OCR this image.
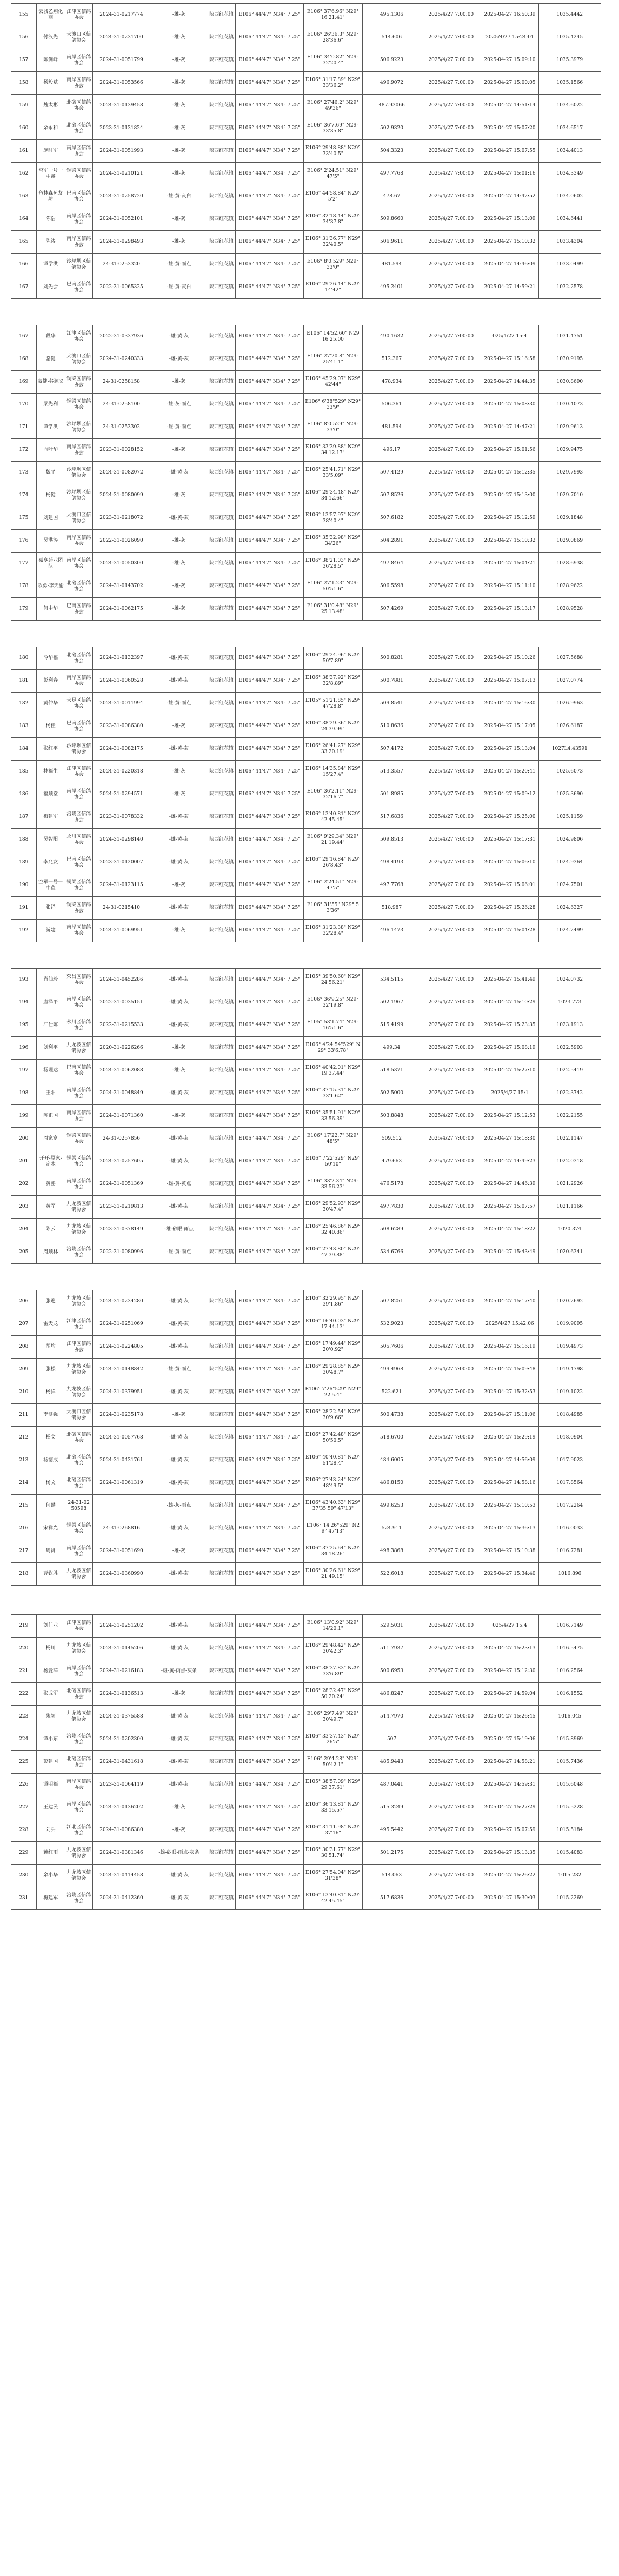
155	云城乙翔化羽	江津区信鸽协会	2024-31-0217774	-雄-灰	陕西红花镇	E106° 44'47" N34° 7'25"	E106° 37'6.96" N29° 16'21.41"	495.1306	2025/4/27 7:00:00	2025-04-27 16:50:39	1035.4442
156	付汉先	大渡口区信鸽协会	2024-31-0231700	-雄-灰	陕西红花镇	E106° 44'47" N34° 7'25"	E106° 26'36.3" N29° 28'36.6"	514.606	2025/4/27 7:00:00	2025/4/27 15:24:01	1035.4245
157	陈剑峰	南岸区信鸽协会	2024-31-0051799	-雄-灰	陕西红花镇	E106° 44'47" N34° 7'25"	E106° 34'0.82" N29° 32'20.4"	506.9223	2025/4/27 7:00:00	2025-04-27 15:09:10	1035.3979
158	杨毅斌	南岸区信鸽协会	2024-31-0053566	-雄-灰	陕西红花镇	E106° 44'47" N34° 7'25"	E106° 31'17.89" N29° 33'36.2"	496.9072	2025/4/27 7:00:00	2025-04-27 15:00:05	1035.1566
159	魏太彬	北碚区信鸽协会	2024-31-0139458	-雄-灰	陕西红花镇	E106° 44'47" N34° 7'25"	E106° 27'46.2" N29° 49'36"	487.93066	2025/4/27 7:00:00	2025-04-27 14:51:14	1034.6022
160	余永和	北碚区信鸽协会	2023-31-0131824	-雄-灰	陕西红花镇	E106° 44'47" N34° 7'25"	E106° 36'7.69" N29° 33'35.8"	502.9320	2025/4/27 7:00:00	2025-04-27 15:07:20	1034.6517
161	施时军	南岸区信鸽协会	2024-31-0051993	-雄-灰	陕西红花镇	E106° 44'47" N34° 7'25"	E106° 29'48.88" N29° 33'40.5"	504.3323	2025/4/27 7:00:00	2025-04-27 15:07:55	1034.4013
162	空军一号一中鑫	铜梁区信鸽协会	2024-31-0210121	-雄-灰	陕西红花镇	E106° 44'47" N34° 7'25"	E106° 2'24.51" N29° 47'5"	497.7768	2025/4/27 7:00:00	2025-04-27 15:01:16	1034.3349
163	鱼林森鱼友坊	巴南区信鸽协会	2024-31-0258720	-雄-黄-灰白	陕西红花镇	E106° 44'47" N34° 7'25"	E106° 44'58.84" N29° 5'2"	478.67	2025/4/27 7:00:00	2025-04-27 14:42:52	1034.0602
164	陈浩	南岸区信鸽协会	2024-31-0052101	-雄-灰	陕西红花镇	E106° 44'47" N34° 7'25"	E106° 32'18.44" N29° 34'37.8"	509.8660	2025/4/27 7:00:00	2025-04-27 15:13:09	1034.6441
165	陈涛	南岸区信鸽协会	2024-31-0298493	-雄-灰	陕西红花镇	E106° 44'47" N34° 7'25"	E106° 31'36.77" N29° 32'40.5"	506.9611	2025/4/27 7:00:00	2025-04-27 15:10:32	1033.4304
166	谭学洪	沙坪坝区信鸽协会	24-31-0253320	-雄-黄-雨点	陕西红花镇	E106° 44'47" N34° 7'25"	E106° 8'0.529" N29° 33'0"	481.594	2025/4/27 7:00:00	2025-04-27 14:46:09	1033.0499
167	刘先会	巴南区信鸽协会	2022-31-0065325	-雄-黄-灰白	陕西红花镇	E106° 44'47" N34° 7'25"	E106° 29'26.44" N29° 14'42"	495.2401	2025/4/27 7:00:00	2025-04-27 14:59:21	1032.2578
167	段华	江津区信鸽协会	2022-31-0337936	-雄-黄-灰	陕西红花镇	E106° 44'47" N34° 7'25"	E106° 14'52.60" N29 16 25.00	490.1632	2025/4/27 7:00:00	025/4/27 15:4	1031.4751
168	骆健	大渡口区信鸽协会	2024-31-0240333	-雄-黄-灰	陕西红花镇	E106° 44'47" N34° 7'25"	E106° 27'20.8" N29° 25'41.1"	512.367	2025/4/27 7:00:00	2025-04-27 15:16:58	1030.9195
169	蒙健-谷源义	铜梁区信鸽协会	24-31-0258158	-雄-灰	陕西红花镇	E106° 44'47" N34° 7'25"	E106° 45'29.07" N29° 42'44"	478.934	2025/4/27 7:00:00	2025-04-27 14:44:35	1030.8690
170	梁先利	铜梁区信鸽协会	24-31-0258100	-雄-灰-雨点	陕西红花镇	E106° 44'47" N34° 7'25"	E106° 6'38"529" N29° 33'9"	506.361	2025/4/27 7:00:00	2025-04-27 15:08:30	1030.4073
171	谭学洪	沙坪坝区信鸽协会	24-31-0253302	-雄-黄-雨点	陕西红花镇	E106° 44'47" N34° 7'25"	E106° 8'0.529" N29° 33'0"	481.594	2025/4/27 7:00:00	2025-04-27 14:47:21	1029.9613
172	向叶华	南岸区信鸽协会	2023-31-0028152	-雄-灰	陕西红花镇	E106° 44'47" N34° 7'25"	E106° 33'39.88" N29° 34'12.17"	496.17	2025/4/27 7:00:00	2025-04-27 15:01:56	1029.9475
173	魏平	沙坪坝区信鸽协会	2024-31-0082072	-雄-黄-灰	陕西红花镇	E106° 44'47" N34° 7'25"	E106° 25'41.71" N29° 33'5.09"	507.4129	2025/4/27 7:00:00	2025-04-27 15:12:35	1029.7993
174	杨健	沙坪坝区信鸽协会	2024-31-0080099	-雄-灰	陕西红花镇	E106° 44'47" N34° 7'25"	E106° 29'34.48" N29° 34'12.66"	507.8526	2025/4/27 7:00:00	2025-04-27 15:13:00	1029.7010
175	刘建国	大渡口区信鸽协会	2023-31-0218072	-雄-黄-灰	陕西红花镇	E106° 44'47" N34° 7'25"	E106° 13'57.97" N29° 38'40.4"	507.6182	2025/4/27 7:00:00	2025-04-27 15:12:59	1029.1848
176	吴洪涛	南岸区信鸽协会	2022-31-0026090	-雄-灰	陕西红花镇	E106° 44'47" N34° 7'25"	E106° 35'32.98" N29° 34'26"	504.2891	2025/4/27 7:00:00	2025-04-27 15:10:32	1029.0869
177	嘉亨药业团队	南岸区信鸽协会	2024-31-0050300	-雄-灰	陕西红花镇	E106° 44'47" N34° 7'25"	E106° 38'21.03" N29° 36'28.5"	497.8464	2025/4/27 7:00:00	2025-04-27 15:04:21	1028.6938
178	欧勇-李天渝	北碚区信鸽协会	2024-31-0143702	-雄-灰	陕西红花镇	E106° 44'47" N34° 7'25"	E106° 27'1.23" N29° 50'51.6"	506.5598	2025/4/27 7:00:00	2025-04-27 15:11:10	1028.9622
179	何中华	巴南区信鸽协会	2024-31-0062175	-雄-灰	陕西红花镇	E106° 44'47" N34° 7'25"	E106° 31'0.48" N29° 25'13.48"	507.4269	2025/4/27 7:00:00	2025-04-27 15:13:17	1028.9528
180	冷华福	北碚区信鸽协会	2024-31-0132397	-雄-黄-灰	陕西红花镇	E106° 44'47" N34° 7'25"	E106° 29'24.96" N29° 50'7.89"	500.8281	2025/4/27 7:00:00	2025-04-27 15:10:26	1027.5688
181	彭利春	南岸区信鸽协会	2024-31-0060528	-雄-黄-灰	陕西红花镇	E106° 44'47" N34° 7'25"	E106° 38'37.92" N29° 32'8.89"	500.7881	2025/4/27 7:00:00	2025-04-27 15:07:13	1027.0774
182	黄仲华	大足区信鸽协会	2024-31-0011994	-雄-黄-雨点	陕西红花镇	E106° 44'47" N34° 7'25"	E105° 51'21.85" N29° 47'28.8"	509.8541	2025/4/27 7:00:00	2025-04-27 15:16:30	1026.9963
183	杨佳	巴南区信鸽协会	2023-31-0086380	-雄-灰	陕西红花镇	E106° 44'47" N34° 7'25"	E106° 38'29.36" N29° 24'39.99"	510.8636	2025/4/27 7:00:00	2025-04-27 15:17:05	1026.6187
184	张红平	沙坪坝区信鸽协会	2024-31-0082175	-雄-黄-灰	陕西红花镇	E106° 44'47" N34° 7'25"	E106° 26'41.27" N29° 33'20.19"	507.4172	2025/4/27 7:00:00	2025-04-27 15:13:04	1027L4.43591
185	林福生	江津区信鸽协会	2024-31-0220318	-雄-灰	陕西红花镇	E106° 44'47" N34° 7'25"	E106° 14'35.84" N29° 15'27.4"	513.3557	2025/4/27 7:00:00	2025-04-27 15:20:41	1025.6073
186	福顺堂	南岸区信鸽协会	2024-31-0294571	-雄-灰	陕西红花镇	E106° 44'47" N34° 7'25"	E106° 36'2.11" N29° 32'16.7"	501.8985	2025/4/27 7:00:00	2025-04-27 15:09:12	1025.3690
187	梅建军	涪陵区信鸽协会	2023-31-0078332	-雄-黄-灰	陕西红花镇	E106° 44'47" N34° 7'25"	E106° 13'40.81" N29° 42'45.45"	517.6836	2025/4/27 7:00:00	2025-04-27 15:25:00	1025.1159
188	吴智阳	永川区信鸽协会	2024-31-0298140	-雄-黄-灰	陕西红花镇	E106° 44'47" N34° 7'25"	E106° 9'29.34" N29° 21'19.44"	509.8513	2025/4/27 7:00:00	2025-04-27 15:17:31	1024.9806
189	李兆友	巴南区信鸽协会	2023-31-0120007	-雄-黄-灰	陕西红花镇	E106° 44'47" N34° 7'25"	E106° 29'16.84" N29° 26'8.43"	498.4193	2025/4/27 7:00:00	2025-04-27 15:06:10	1024.9364
190	空军一号一中鑫	铜梁区信鸽协会	2024-31-0123115	-雄-灰	陕西红花镇	E106° 44'47" N34° 7'25"	E106° 2'24.51" N29° 47'5"	497.7768	2025/4/27 7:00:00	2025-04-27 15:06:01	1024.7501
191	张祥	铜梁区信鸽协会	24-31-0215410	-雄-黄-灰	陕西红花镇	E106° 44'47" N34° 7'25"	E106° 31'55" N29° 53'36"	518.987	2025/4/27 7:00:00	2025-04-27 15:26:28	1024.6327
192	游建	南岸区信鸽协会	2024-31-0069951	-雄-灰	陕西红花镇	E106° 44'47" N34° 7'25"	E106° 31'23.38" N29° 32'28.4"	496.1473	2025/4/27 7:00:00	2025-04-27 15:04:28	1024.2499
193	肖仙玲	荣昌区信鸽协会	2024-31-0452286	-雄-黄-灰	陕西红花镇	E106° 44'47" N34° 7'25"	E105° 39'50.60" N29° 24'56.21"	534.5115	2025/4/27 7:00:00	2025-04-27 15:41:49	1024.0732
194	唐泽平	南岸区信鸽协会	2022-31-0035151	-雄-黄-灰	陕西红花镇	E106° 44'47" N34° 7'25"	E106° 36'9.25" N29° 32'19.8"	502.1967	2025/4/27 7:00:00	2025-04-27 15:10:29	1023.773
195	江仕陈	永川区信鸽协会	2022-31-0215533	-雄-黄-灰	陕西红花镇	E106° 44'47" N34° 7'25"	E105° 53'1.74" N29° 16'51.6"	515.4199	2025/4/27 7:00:00	2025-04-27 15:23:35	1023.1913
196	刘利平	九龙坡区信鸽协会	2020-31-0226266	-雄-灰	陕西红花镇	E106° 44'47" N34° 7'25"	E106° 4'24.54"529" N29° 33'6.78"	499.34	2025/4/27 7:00:00	2025-04-27 15:08:19	1022.5903
197	杨理达	巴南区信鸽协会	2024-31-0062088	-雄-灰	陕西红花镇	E106° 44'47" N34° 7'25"	E106° 40'42.01" N29° 19'37.44"	518.5371	2025/4/27 7:00:00	2025-04-27 15:27:10	1022.5419
198	王阳	南岸区信鸽协会	2024-31-0048849	-雄-黄-灰	陕西红花镇	E106° 44'47" N34° 7'25"	E106° 37'15.31" N29° 33'1.62"	502.5000	2025/4/27 7:00:00	2025/4/27 15:1	1022.3742
199	陈正国	南岸区信鸽协会	2024-31-0071360	-雄-灰	陕西红花镇	E106° 44'47" N34° 7'25"	E106° 35'51.91" N29° 33'56.39"	503.8848	2025/4/27 7:00:00	2025-04-27 15:12:53	1022.2155
200	周家富	铜梁区信鸽协会	24-31-0257856	-雄-黄-灰	陕西红花镇	E106° 44'47" N34° 7'25"	E106° 17'22.7" N29° 48'5"	509.512	2025/4/27 7:00:00	2025-04-27 15:18:30	1022.1147
201	开开-原家-定木	铜梁区信鸽协会	2024-31-0257605	-雄-黄-灰	陕西红花镇	E106° 44'47" N34° 7'25"	E106° 7'22'529" N29° 50'10"	479.663	2025/4/27 7:00:00	2025-04-27 14:49:23	1022.0318
202	黄鹏	南岸区信鸽协会	2024-31-0051369	-雄-黄-黄点	陕西红花镇	E106° 44'47" N34° 7'25"	E106° 33'2.34" N29° 33'56.23"	476.5178	2025/4/27 7:00:00	2025-04-27 14:46:39	1021.2926
203	黄军	九龙坡区信鸽协会	2023-31-0219813	-雄-黄-灰	陕西红花镇	E106° 44'47" N34° 7'25"	E106° 29'52.93" N29° 30'47.4"	497.7830	2025/4/27 7:00:00	2025-04-27 15:07:57	1021.1166
204	陈云	九龙坡区信鸽协会	2023-31-0378149	-雄-砂眼-雨点	陕西红花镇	E106° 44'47" N34° 7'25"	E106° 25'46.86" N29° 32'40.86"	508.6289	2025/4/27 7:00:00	2025-04-27 15:18:22	1020.374
205	周顺林	涪陵区信鸽协会	2022-31-0080996	-雄-黄-雨点	陕西红花镇	E106° 44'47" N34° 7'25"	E106° 27'43.80" N29° 47'39.88"	534.6766	2025/4/27 7:00:00	2025-04-27 15:43:49	1020.6341
206	张逸	九龙坡区信鸽协会	2024-31-0234280	-雄-黄-灰	陕西红花镇	E106° 44'47" N34° 7'25"	E106° 32'29.95" N29° 39'1.86"	507.8251	2025/4/27 7:00:00	2025-04-27 15:17:40	1020.2692
207	雷天龙	江津区信鸽协会	2024-31-0251069	-雄-黄-灰	陕西红花镇	E106° 44'47" N34° 7'25"	E106° 16'40.03" N29° 17'44.13"	532.9023	2025/4/27 7:00:00	2025/4/27 15:42:06	1019.9095
208	胡均	江津区信鸽协会	2024-31-0224805	-雄-黄-灰	陕西红花镇	E106° 44'47" N34° 7'25"	E106° 17'49.44" N29° 20'0.92"	505.7606	2025/4/27 7:00:00	2025-04-27 15:16:19	1019.4973
209	张松	九龙坡区信鸽协会	2024-31-0148842	-雄-黄-雨点	陕西红花镇	E106° 44'47" N34° 7'25"	E106° 29'28.85" N29° 30'48.7"	499.4968	2025/4/27 7:00:00	2025-04-27 15:09:48	1019.4798
210	杨洋	九龙坡区信鸽协会	2024-31-0379951	-雄-黄-灰	陕西红花镇	E106° 44'47" N34° 7'25"	E106° 7'26"529" N29° 22'5.4"	522.621	2025/4/27 7:00:00	2025-04-27 15:32:53	1019.1022
211	李健强	大渡口区信鸽协会	2024-31-0235178	-雄-灰	陕西红花镇	E106° 44'47" N34° 7'25"	E106° 28'22.54" N29° 30'9.66"	500.4738	2025/4/27 7:00:00	2025-04-27 15:11:06	1018.4985
212	杨文	北碚区信鸽协会	2024-31-0057768	-雄-黄-灰	陕西红花镇	E106° 44'47" N34° 7'25"	E106° 27'42.48" N29° 50'50.5"	518.6700	2025/4/27 7:00:00	2025-04-27 15:29:19	1018.0904
213	杨德成	北碚区信鸽协会	2024-31-0431761	-雄-黄-灰	陕西红花镇	E106° 44'47" N34° 7'25"	E106° 40'40.81" N29° 51'28.4"	484.6005	2025/4/27 7:00:00	2025-04-27 14:56:09	1017.9023
214	杨文	北碚区信鸽协会	2024-31-0061319	-雄-黄-灰	陕西红花镇	E106° 44'47" N34° 7'25"	E106° 27'43.24" N29° 48'49.5"	486.8150	2025/4/27 7:00:00	2025-04-27 14:58:16	1017.8564
215	何麟	24-31-0250598		-雄-灰-雨点	陕西红花镇	E106° 44'47" N34° 7'25"	E106° 43'40.63" N29° 37'35.59" 47'13"	499.6253	2025/4/27 7:00:00	2025-04-27 15:10:53	1017.2264
216	宋祥光	铜梁区信鸽协会	24-31-0268816	-雄-黄-灰	陕西红花镇	E106° 44'47" N34° 7'25"	E106° 14'26"529" N29° 47'13"	524.911	2025/4/27 7:00:00	2025-04-27 15:36:13	1016.0033
217	周贤	南岸区信鸽协会	2024-31-0051690	-雄-灰	陕西红花镇	E106° 44'47" N34° 7'25"	E106° 37'25.64" N29° 34'18.26"	498.3868	2025/4/27 7:00:00	2025-04-27 15:10:38	1016.7281
218	曹钦胜	九龙坡区信鸽协会	2024-31-0360990	-雄-黄-灰	陕西红花镇	E106° 44'47" N34° 7'25"	E106° 30'26.61" N29° 21'49.15"	522.6018	2025/4/27 7:00:00	2025-04-27 15:34:40	1016.896
219	刘任业	江津区信鸽协会	2024-31-0251202	-雄-黄-灰	陕西红花镇	E106° 44'47" N34° 7'25"	E106° 13'0.92" N29° 14'20.1"	529.5031	2025/4/27 7:00:00	025/4/27 15:4	1016.7149
220	杨川	九龙坡区信鸽协会	2024-31-0145206	-雄-黄-灰	陕西红花镇	E106° 44'47" N34° 7'25"	E106° 29'48.42" N29° 30'42.3"	511.7937	2025/4/27 7:00:00	2025-04-27 15:23:13	1016.5475
221	杨爱萍	南岸区信鸽协会	2024-31-0216183	-雄-黄-雨点-灰条	陕西红花镇	E106° 44'47" N34° 7'25"	E106° 38'37.83" N29° 33'6.89"	500.6953	2025/4/27 7:00:00	2025-04-27 15:12:30	1016.2564
222	张成军	北碚区信鸽协会	2024-31-0136513	-雄-灰	陕西红花镇	E106° 44'47" N34° 7'25"	E106° 28'32.47" N29° 50'20.24"	486.8247	2025/4/27 7:00:00	2025-04-27 14:59:04	1016.1552
223	朱颜	九龙坡区信鸽协会	2024-31-0375588	-雄-黄-灰	陕西红花镇	E106° 44'47" N34° 7'25"	E106° 29'7.49" N29° 30'49.7"	514.7970	2025/4/27 7:00:00	2025-04-27 15:26:45	1016.045
224	谭小东	涪陵区信鸽协会	2024-31-0202300	-雄-黄-灰	陕西红花镇	E106° 44'47" N34° 7'25"	E106° 33'37.43" N29° 26'5"	507	2025/4/27 7:00:00	2025-04-27 15:19:06	1015.8969
225	彭建国	北碚区信鸽协会	2024-31-0431618	-雄-黄-灰	陕西红花镇	E106° 44'47" N34° 7'25"	E106° 29'4.28" N29° 50'42.1"	485.9443	2025/4/27 7:00:00	2025-04-27 14:58:21	1015.7436
226	谭明福	南岸区信鸽协会	2023-31-0064119	-雄-黄-灰	陕西红花镇	E106° 44'47" N34° 7'25"	E105° 38'57.09" N29° 29'37.61"	487.0441	2025/4/27 7:00:00	2025-04-27 14:59:31	1015.6048
227	王建民	南岸区信鸽协会	2024-31-0136202	-雄-灰	陕西红花镇	E106° 44'47" N34° 7'25"	E106° 36'13.81" N29° 33'15.57"	515.3249	2025/4/27 7:00:00	2025-04-27 15:27:29	1015.5228
228	刘兵	江北区信鸽协会	2024-31-0086380	-雄-灰	陕西红花镇	E106° 44'47" N34° 7'25"	E106° 31'11.98" N29° 37'16"	495.5442	2025/4/27 7:00:00	2025-04-27 15:07:59	1015.5184
229	蒋红雨	九龙坡区信鸽协会	2024-31-0381346	-雄-砂眼-雨点-灰条	陕西红花镇	E106° 44'47" N34° 7'25"	E106° 30'31.77" N29° 30'51.74"	501.2175	2025/4/27 7:00:00	2025-04-27 15:13:35	1015.4083
230	余小华	九龙坡区信鸽协会	2024-31-0414458	-雄-黄-灰	陕西红花镇	E106° 44'47" N34° 7'25"	E106° 27'54.04" N29° 31'38"	514.063	2025/4/27 7:00:00	2025-04-27 15:26:22	1015.232
231	梅建军	涪陵区信鸽协会	2024-31-0412360	-雄-黄-灰	陕西红花镇	E106° 44'47" N34° 7'25"	E106° 13'40.81" N29° 42'45.45"	517.6836	2025/4/27 7:00:00	2025-04-27 15:30:03	1015.2269
